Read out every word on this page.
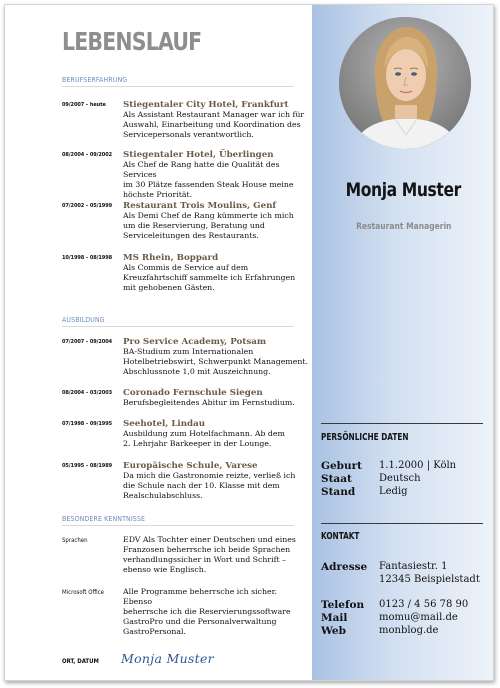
LEBENSLAUF
BERUFSERFAHRUNG
09/2007 – heute	Stiegentaler City Hotel, Frankfurt
Als Assistant Restaurant Manager war ich für
Auswahl, Einarbeitung und Koordination des
Servicepersonals verantwortlich.
08/2004 – 09/2002	Stiegentaler Hotel, Überlingen
Als Chef de Rang hatte die Qualität des Services
im 30 Plätze fassenden Steak House meine
höchste Priorität.
07/2002 – 05/1999	Restaurant Trois Moulins, Genf
Als Demi Chef de Rang kümmerte ich mich
um die Reservierung, Beratung und
Serviceleitungen des Restaurants.
10/1998 – 08/1998	MS Rhein, Boppard
Als Commis de Service auf dem
Kreuzfahrtschiff sammelte ich Erfahrungen
mit gehobenen Gästen.
AUSBILDUNG
07/2007 – 09/2004	Pro Service Academy, Potsam
BA-Studium zum Internationalen
Hotelbetriebswirt, Schwerpunkt Management.
Abschlussnote 1,0 mit Auszeichnung.
08/2004 – 03/2003	Coronado Fernschule Siegen
Berufsbegleitendes Abitur im Fernstudium.
07/1998 – 09/1995	Seehotel, Lindau
Ausbildung zum Hotelfachmann. Ab dem
2. Lehrjahr Barkeeper in der Lounge.
05/1995 – 08/1989	Europäische Schule, Varese
Da mich die Gastronomie reizte, verließ ich
die Schule nach der 10. Klasse mit dem
Realschulabschluss.
BESONDERE KENNTNISSE
Sprachen	EDV Als Tochter einer Deutschen und eines
Franzosen beherrsche ich beide Sprachen
verhandlungssicher in Wort und Schrift –
ebenso wie Englisch.
Microsoft Office	Alle Programme beherrsche ich sicher. Ebenso
beherrsche ich die Reservierungssoftware
GastroPro und die Personalverwaltung
GastroPersonal.
ORT, DATUM Monja Muster
Monja Muster
Restaurant Managerin
PERSÖNLICHE DATEN
Geburt 1.1.2000 | Köln
Staat	Deutsch
Stand Ledig
KONTAKT
Adresse Fantasiestr. 1
12345 Beispielstadt
Telefon 0123 / 4 56 78 90
Mail	momu@mail.de
Web	monblog.de
